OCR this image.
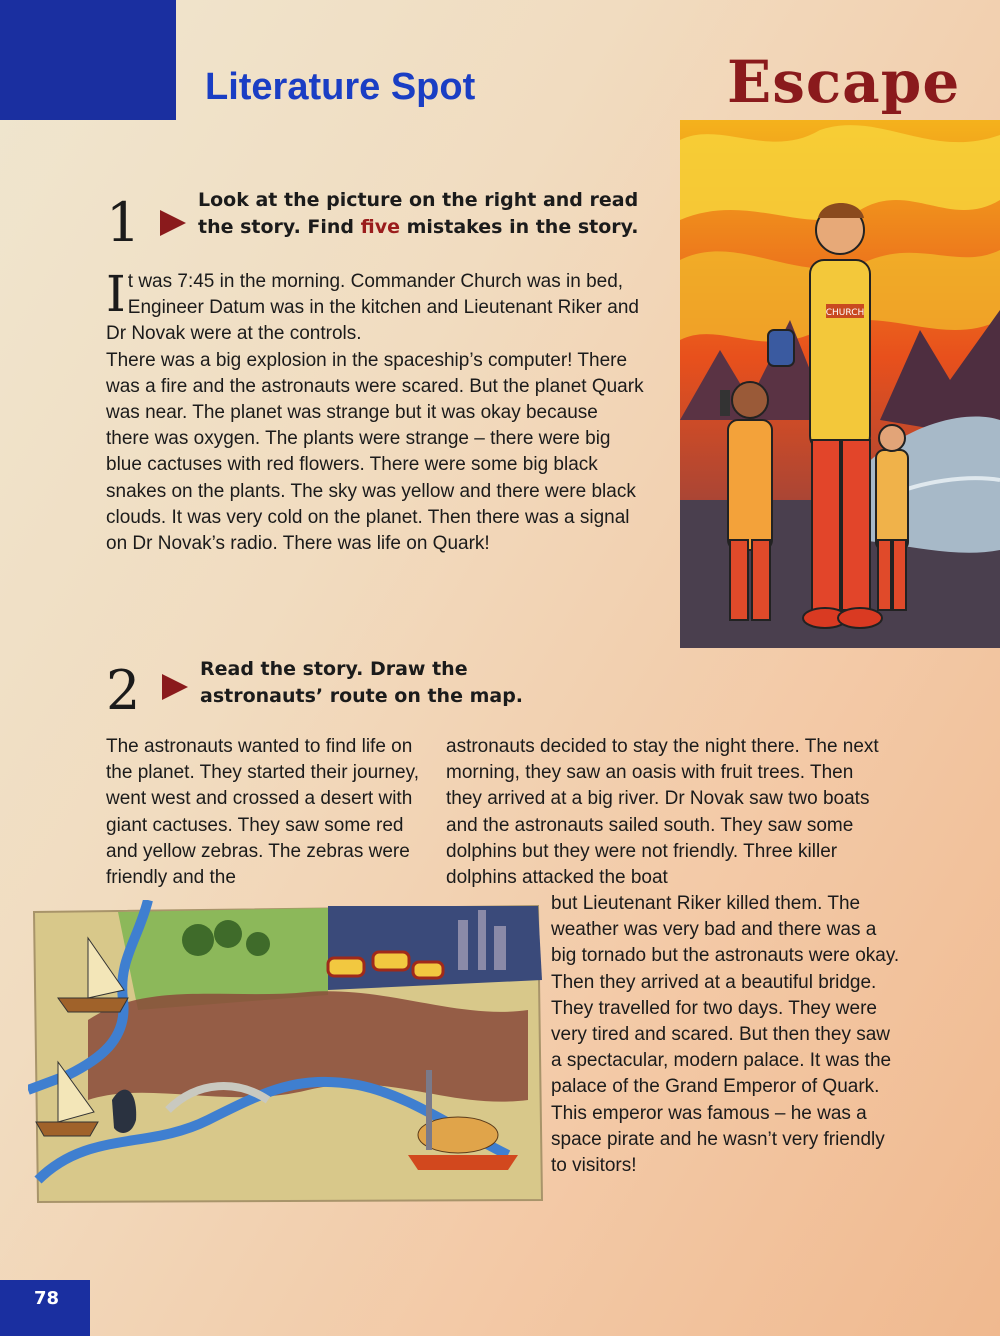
Literature Spot	Escape
1	Look at the picture on the right and read the story. Find five mistakes in the story.
I t was 7:45 in the morning. Commander Church was in bed, Engineer Datum was in the kitchen and Lieutenant Riker and Dr Novak were at the controls.

There was a big explosion in the spaceship’s computer! There was a fire and the astronauts were scared. But the planet Quark was near. The planet was strange but it was okay because there was oxygen. The plants were strange – there were big blue cactuses with red flowers. There were some big black snakes on the plants. The sky was yellow and there were black clouds. It was very cold on the planet. Then there was a signal on Dr Novak’s radio. There was life on Quark!

CHURCH
2	Read the story. Draw the astronauts’ route on the map.

The astronauts wanted to find life on the planet. They started their journey, went west and crossed a desert with giant cactuses. They saw some red and yellow zebras. The zebras were friendly and the

astronauts decided to stay the night there. The next morning, they saw an oasis with fruit trees. Then they arrived at a big river. Dr Novak saw two boats and the astronauts sailed south. They saw some dolphins but they were not friendly. Three killer dolphins attacked the boat

but Lieutenant Riker killed them. The weather was very bad and there was a big tornado but the astronauts were okay. Then they arrived at a beautiful bridge. They travelled for two days. They were very tired and scared. But then they saw a spectacular, modern palace. It was the palace of the Grand Emperor of Quark. This emperor was famous – he was a space pirate and he wasn’t very friendly to visitors!

78
